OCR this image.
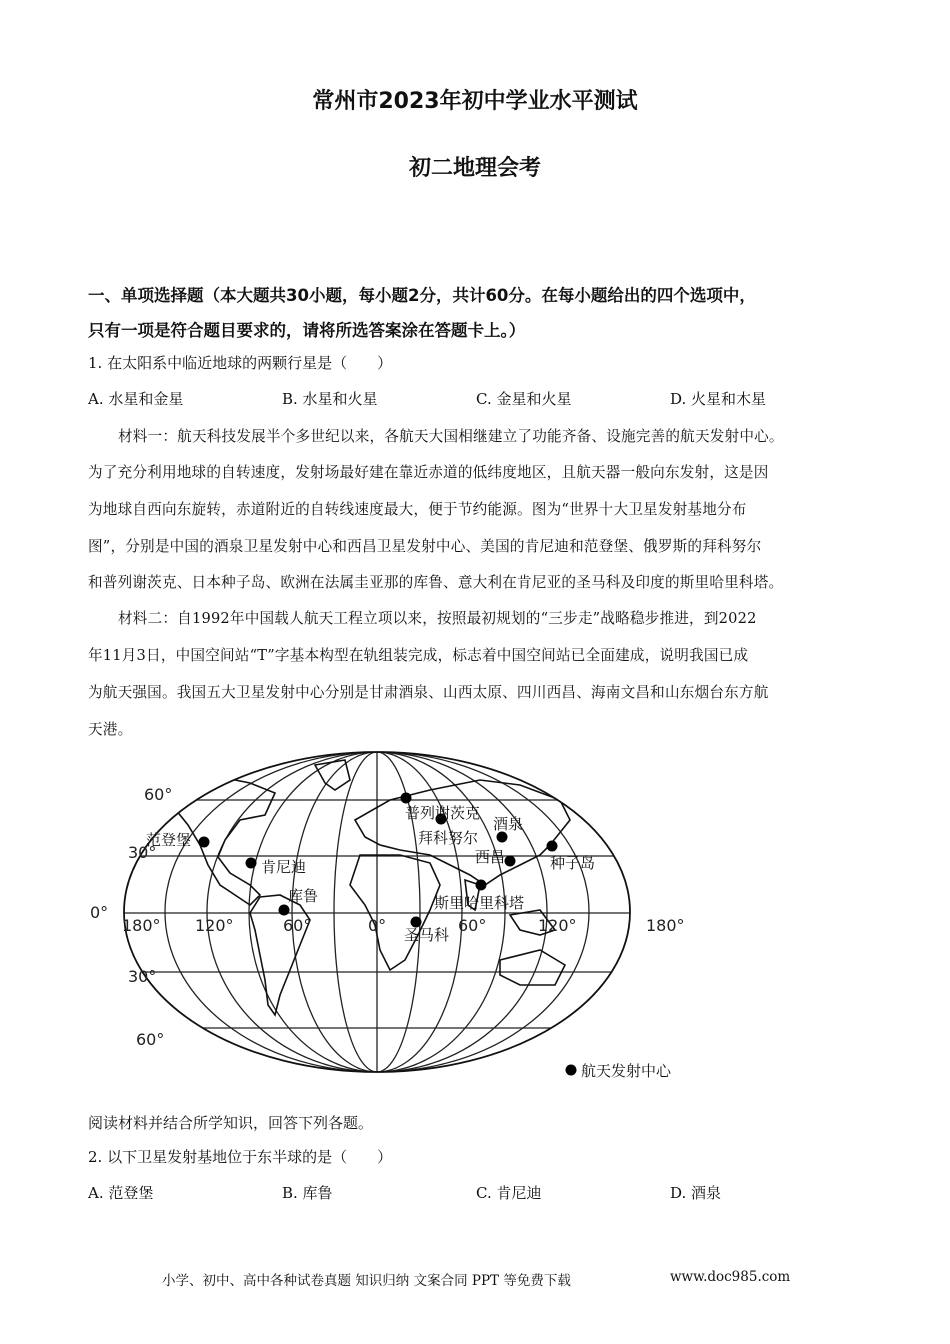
常州市2023年初中学业水平测试
初二地理会考
一、单项选择题（本大题共30小题，每小题2分，共计60分。在每小题给出的四个选项中，
只有一项是符合题目要求的，请将所选答案涂在答题卡上。）
1. 在太阳系中临近地球的两颗行星是（　　）
A. 水星和金星	B. 水星和火星	C. 金星和火星	D. 火星和木星
材料一：航天科技发展半个多世纪以来，各航天大国相继建立了功能齐备、设施完善的航天发射中心。
为了充分利用地球的自转速度，发射场最好建在靠近赤道的低纬度地区，且航天器一般向东发射，这是因
为地球自西向东旋转，赤道附近的自转线速度最大，便于节约能源。图为“世界十大卫星发射基地分布
图”，分别是中国的酒泉卫星发射中心和西昌卫星发射中心、美国的肯尼迪和范登堡、俄罗斯的拜科努尔
和普列谢茨克、日本种子岛、欧洲在法属圭亚那的库鲁、意大利在肯尼亚的圣马科及印度的斯里哈里科塔。
材料二：自1992年中国载人航天工程立项以来，按照最初规划的“三步走”战略稳步推进，到2022
年11月3日，中国空间站“T”字基本构型在轨组装完成，标志着中国空间站已全面建成，说明我国已成
为航天强国。我国五大卫星发射中心分别是甘肃酒泉、山西太原、四川西昌、海南文昌和山东烟台东方航
天港。
60°
30°
0°
30°
60°
180° 120°	60°	0°	60°	120°	180°
范登堡
肯尼迪
库鲁
普列谢茨克
拜科努尔
酒泉
西昌	种子岛
斯里哈里科塔
圣马科
航天发射中心
阅读材料并结合所学知识，回答下列各题。
2. 以下卫星发射基地位于东半球的是（　　）
A. 范登堡	B. 库鲁	C. 肯尼迪	D. 酒泉
小学、初中、高中各种试卷真题 知识归纳 文案合同 PPT 等免费下载	www.doc985.com
